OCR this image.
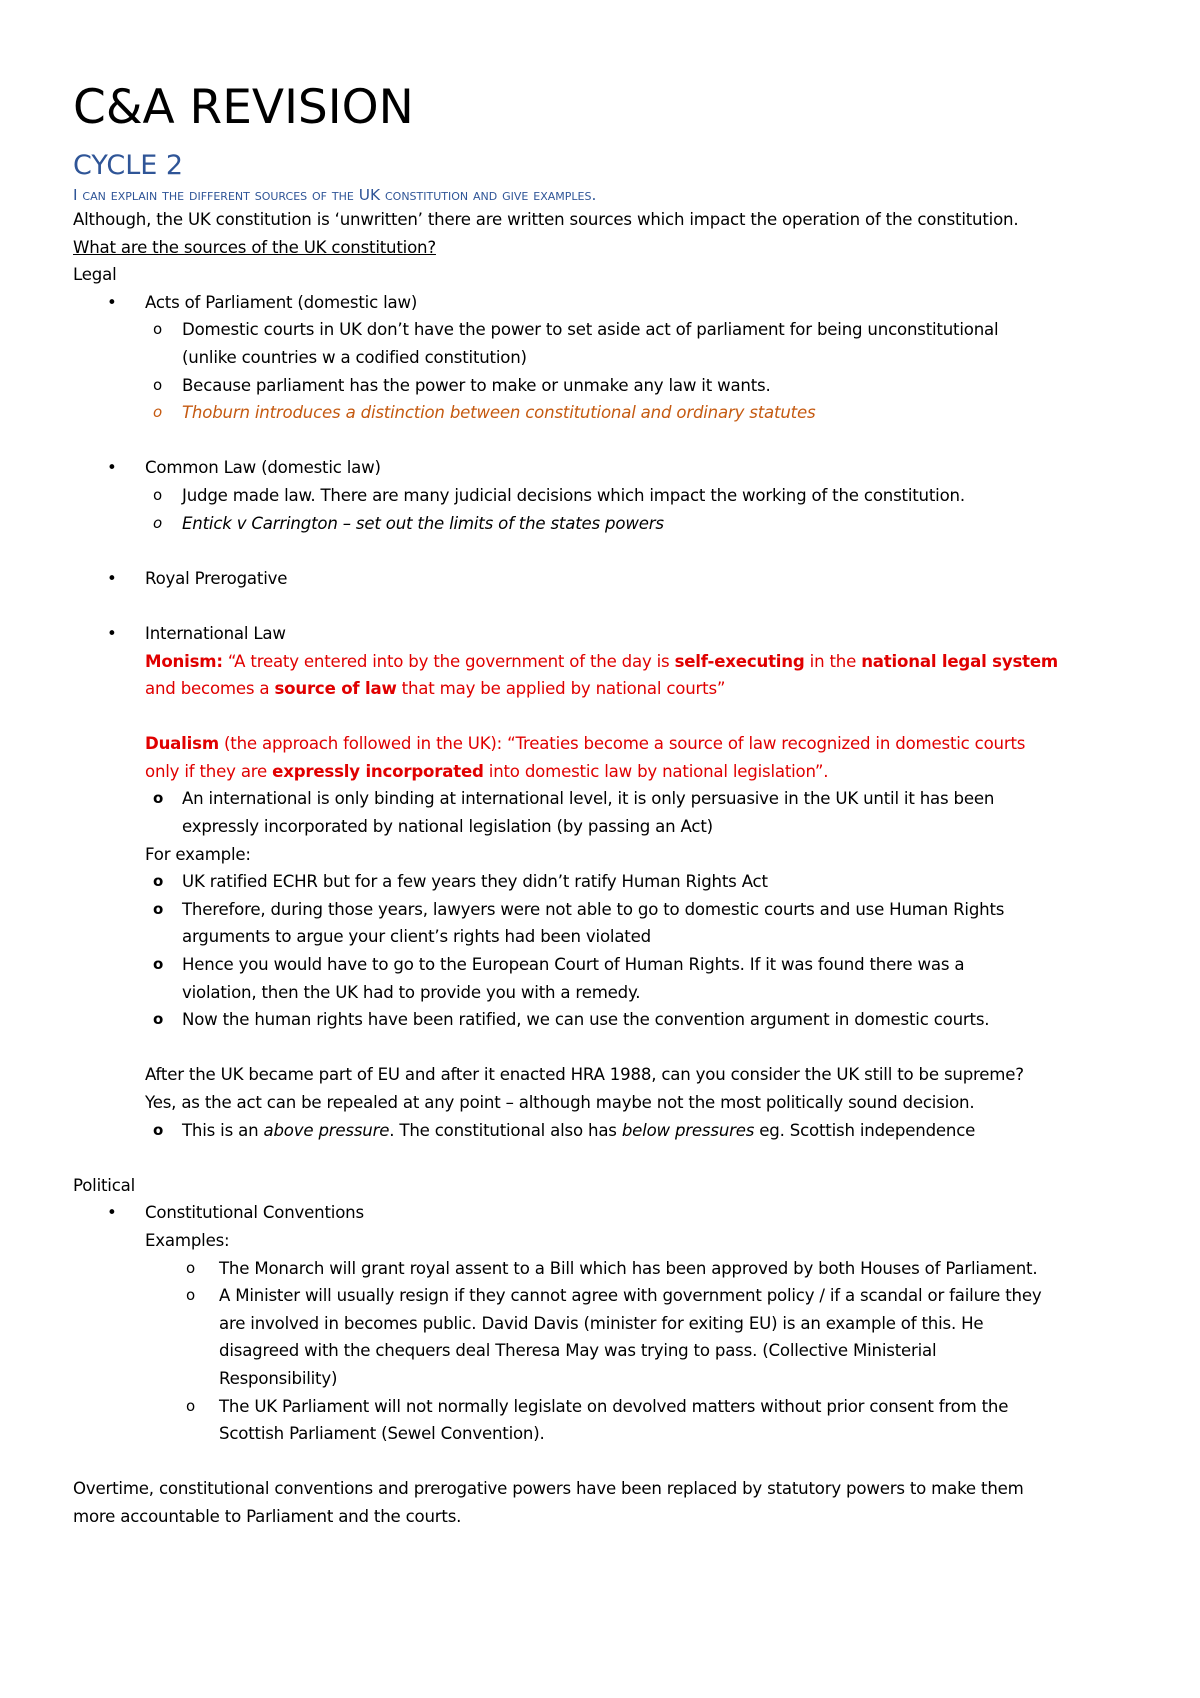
C&A REVISION
CYCLE 2
I can explain the different sources of the UK constitution and give examples.

Although, the UK constitution is ‘unwritten’ there are written sources which impact the operation of the constitution.

What are the sources of the UK constitution?

Legal

• Acts of Parliament (domestic law)
o Domestic courts in UK don’t have the power to set aside act of parliament for being unconstitutional
(unlike countries w a codified constitution)
o Because parliament has the power to make or unmake any law it wants.
o Thoburn introduces a distinction between constitutional and ordinary statutes
• Common Law (domestic law)
o Judge made law. There are many judicial decisions which impact the working of the constitution.
o Entick v Carrington – set out the limits of the states powers
• Royal Prerogative
• International Law
Monism: “A treaty entered into by the government of the day is self-executing in the national legal system
and becomes a source of law that may be applied by national courts”
Dualism (the approach followed in the UK): “Treaties become a source of law recognized in domestic courts
only if they are expressly incorporated into domestic law by national legislation”.
o An international is only binding at international level, it is only persuasive in the UK until it has been
expressly incorporated by national legislation (by passing an Act)
For example:
o UK ratified ECHR but for a few years they didn’t ratify Human Rights Act
o Therefore, during those years, lawyers were not able to go to domestic courts and use Human Rights
arguments to argue your client’s rights had been violated
o Hence you would have to go to the European Court of Human Rights. If it was found there was a
violation, then the UK had to provide you with a remedy.
o Now the human rights have been ratified, we can use the convention argument in domestic courts.
After the UK became part of EU and after it enacted HRA 1988, can you consider the UK still to be supreme?
Yes, as the act can be repealed at any point – although maybe not the most politically sound decision.
o This is an above pressure. The constitutional also has below pressures eg. Scottish independence

Political

• Constitutional Conventions
Examples:
o The Monarch will grant royal assent to a Bill which has been approved by both Houses of Parliament.
o A Minister will usually resign if they cannot agree with government policy / if a scandal or failure they
are involved in becomes public. David Davis (minister for exiting EU) is an example of this. He
disagreed with the chequers deal Theresa May was trying to pass. (Collective Ministerial
Responsibility)
o The UK Parliament will not normally legislate on devolved matters without prior consent from the
Scottish Parliament (Sewel Convention).

Overtime, constitutional conventions and prerogative powers have been replaced by statutory powers to make them

more accountable to Parliament and the courts.
